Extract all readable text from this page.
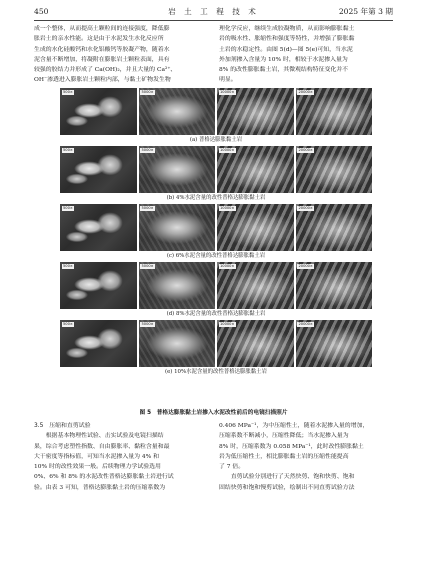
450	岩 土 工 程 技 术	2025 年第 3 期

成一个整体，从而提高土颗粒间的连接强度，降低膨

胀岩土的亲水性能。这是由于水泥发生水化反应所

生成的水化硅酸钙和水化铝酸钙等胶凝产物，随着水

泥含量不断增加，将凝附在膨胀岩土颗粒表面，具有

较强的胶结力并形成了 Ca(OH)₂，并且大量的 Ca²⁺、

OH⁻渗透进入膨胀岩土颗粒内部，与黏土矿物发生物

理化学反应，继续生成胶凝物质，从而影响膨胀黏土

岩的吸水性、胀缩性和强度等特性，并增强了膨胀黏

土岩的水稳定性。由图 5(d)—图 5(e)可知，当水泥

外加剂掺入含量为 10% 时，相较于水泥掺入量为

8% 的改性膨胀黏土岩，其微观结构特征变化并不

明显。

500×	5000×	10000×	20000×
(a) 普格达膨胀黏土岩
500×	5000×	10000×	20000×
(b) 4%水泥含量的改性普格达膨胀黏土岩
500×	5000×	10000×	20000×
(c) 6%水泥含量的改性普格达膨胀黏土岩
500×	5000×	10000×	20000×
(d) 8%水泥含量的改性普格达膨胀黏土岩
500×	5000×	10000×	20000×
(e) 10%水泥含量的改性普格达膨胀黏土岩
图 5　普格达膨胀黏土岩掺入水泥改性前后的电镜扫描照片

3.5　压缩和直剪试验

根据基本物理性试验、击实试验及电镜扫描结

果，综合考虑塑性指数、自由膨胀率、黏粒含量和最

大干密度等指标值，可知当水泥掺入量为 4% 和

10% 时的改性效果一般。后续物理力学试验选用

0%、6% 和 8% 的水泥改性普格达膨胀黏土岩进行试

验。由表 3 可知，普格达膨胀黏土岩的压缩系数为

0.406 MPa⁻¹，为中压缩性土，随着水泥掺入量的增加，

压缩系数不断减小，压缩性降低；当水泥掺入量为

8% 时，压缩系数为 0.058 MPa⁻¹，此时改性膨胀黏土

岩为低压缩性土，相比膨胀黏土岩的压缩性能提高

了 7 倍。

直剪试验分别进行了天然快剪、饱和快剪、饱和

固结快剪和饱和慢剪试验，绘制出不同直剪试验方法
